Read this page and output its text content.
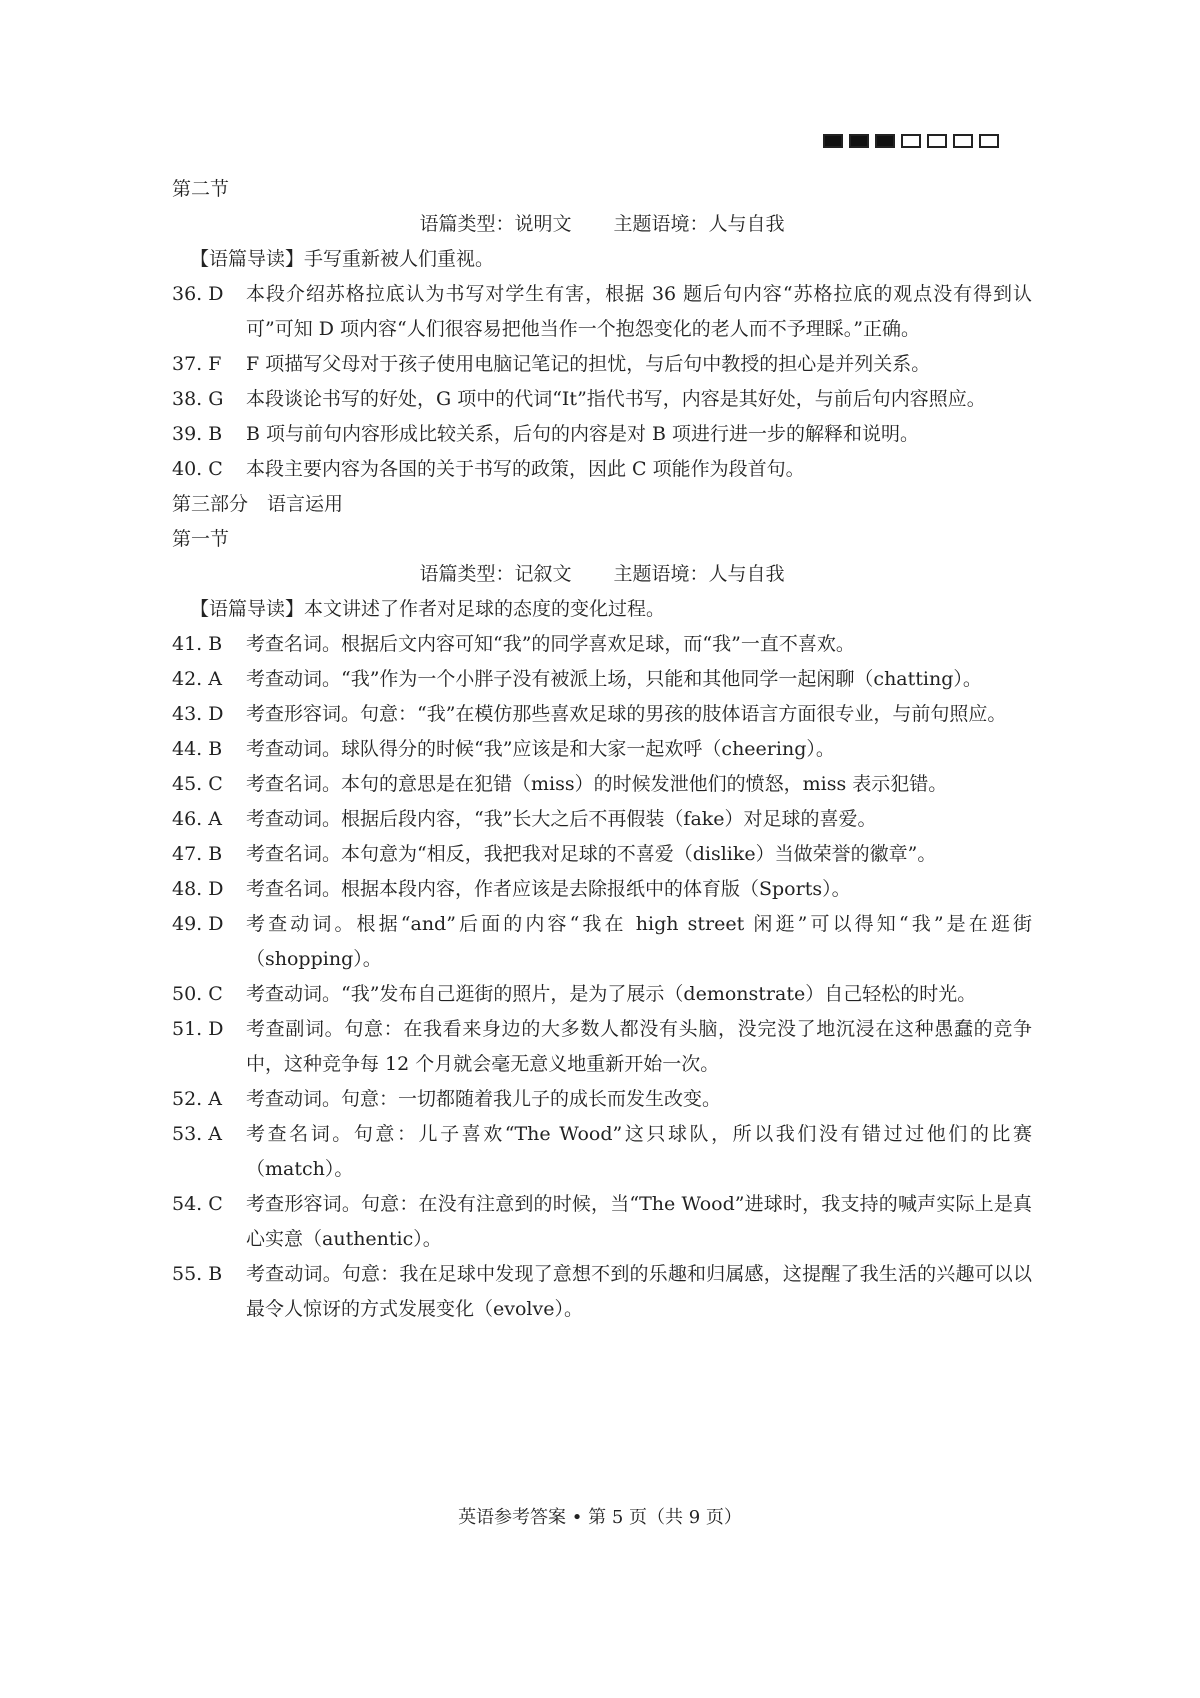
第二节
语篇类型：说明文 主题语境：人与自我
【语篇导读】手写重新被人们重视。
36. D	本段介绍苏格拉底认为书写对学生有害，根据 36 题后句内容“苏格拉底的观点没有得到认可”可知 D 项内容“人们很容易把他当作一个抱怨变化的老人而不予理睬。”正确。
37. F	F 项描写父母对于孩子使用电脑记笔记的担忧，与后句中教授的担心是并列关系。
38. G	本段谈论书写的好处，G 项中的代词“It”指代书写，内容是其好处，与前后句内容照应。
39. B	B 项与前句内容形成比较关系，后句的内容是对 B 项进行进一步的解释和说明。
40. C	本段主要内容为各国的关于书写的政策，因此 C 项能作为段首句。
第三部分　语言运用
第一节
语篇类型：记叙文 主题语境：人与自我
【语篇导读】本文讲述了作者对足球的态度的变化过程。
41. B	考查名词。根据后文内容可知“我”的同学喜欢足球，而“我”一直不喜欢。
42. A	考查动词。“我”作为一个小胖子没有被派上场，只能和其他同学一起闲聊（chatting）。
43. D	考查形容词。句意：“我”在模仿那些喜欢足球的男孩的肢体语言方面很专业，与前句照应。
44. B	考查动词。球队得分的时候“我”应该是和大家一起欢呼（cheering）。
45. C	考查名词。本句的意思是在犯错（miss）的时候发泄他们的愤怒，miss 表示犯错。
46. A	考查动词。根据后段内容，“我”长大之后不再假装（fake）对足球的喜爱。
47. B	考查名词。本句意为“相反，我把我对足球的不喜爱（dislike）当做荣誉的徽章”。
48. D	考查名词。根据本段内容，作者应该是去除报纸中的体育版（Sports）。
49. D	考查动词。根据“and”后面的内容“我在 high street 闲逛”可以得知“我”是在逛街（shopping）。
50. C	考查动词。“我”发布自己逛街的照片，是为了展示（demonstrate）自己轻松的时光。
51. D	考查副词。句意：在我看来身边的大多数人都没有头脑，没完没了地沉浸在这种愚蠢的竞争中，这种竞争每 12 个月就会毫无意义地重新开始一次。
52. A	考查动词。句意：一切都随着我儿子的成长而发生改变。
53. A	考查名词。句意：儿子喜欢“The Wood”这只球队，所以我们没有错过过他们的比赛（match）。
54. C	考查形容词。句意：在没有注意到的时候，当“The Wood”进球时，我支持的喊声实际上是真心实意（authentic）。
55. B	考查动词。句意：我在足球中发现了意想不到的乐趣和归属感，这提醒了我生活的兴趣可以以最令人惊讶的方式发展变化（evolve）。
英语参考答案 • 第 5 页（共 9 页）
